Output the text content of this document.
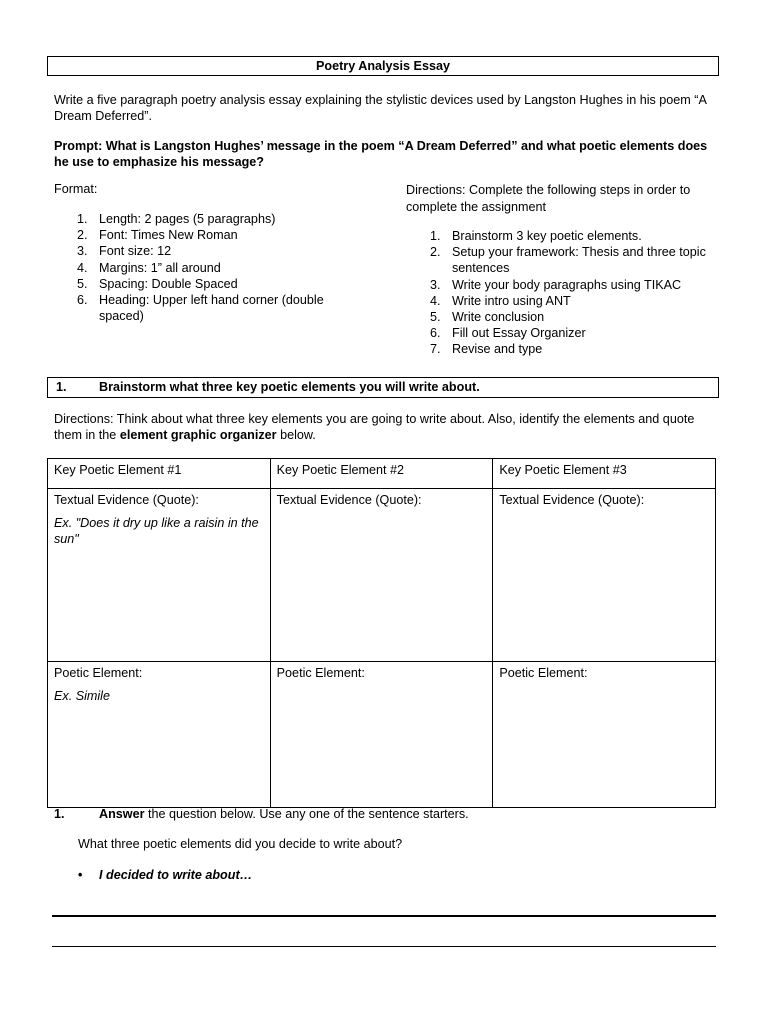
Poetry Analysis Essay
Write a five paragraph poetry analysis essay explaining the stylistic devices used by Langston Hughes in his poem “A Dream Deferred”.
Prompt: What is Langston Hughes’ message in the poem “A Dream Deferred” and what poetic elements does he use to emphasize his message?
Format:
1. Length: 2 pages (5 paragraphs)
2. Font: Times New Roman
3. Font size: 12
4. Margins: 1” all around
5. Spacing: Double Spaced
6. Heading: Upper left hand corner (double spaced)
Directions: Complete the following steps in order to complete the assignment
1. Brainstorm 3 key poetic elements.
2. Setup your framework: Thesis and three topic sentences
3. Write your body paragraphs using TIKAC
4. Write intro using ANT
5. Write conclusion
6. Fill out Essay Organizer
7. Revise and type
1.	Brainstorm what three key poetic elements you will write about.
Directions: Think about what three key elements you are going to write about. Also, identify the elements and quote them in the element graphic organizer below.
Key Poetic Element #1	Key Poetic Element #2	Key Poetic Element #3

Textual Evidence (Quote):
Ex. "Does it dry up like a raisin in the sun"	Textual Evidence (Quote):	Textual Evidence (Quote):

Poetic Element:
Ex. Simile	Poetic Element:	Poetic Element:
1.	Answer the question below. Use any one of the sentence starters.
What three poetic elements did you decide to write about?
• I decided to write about…
